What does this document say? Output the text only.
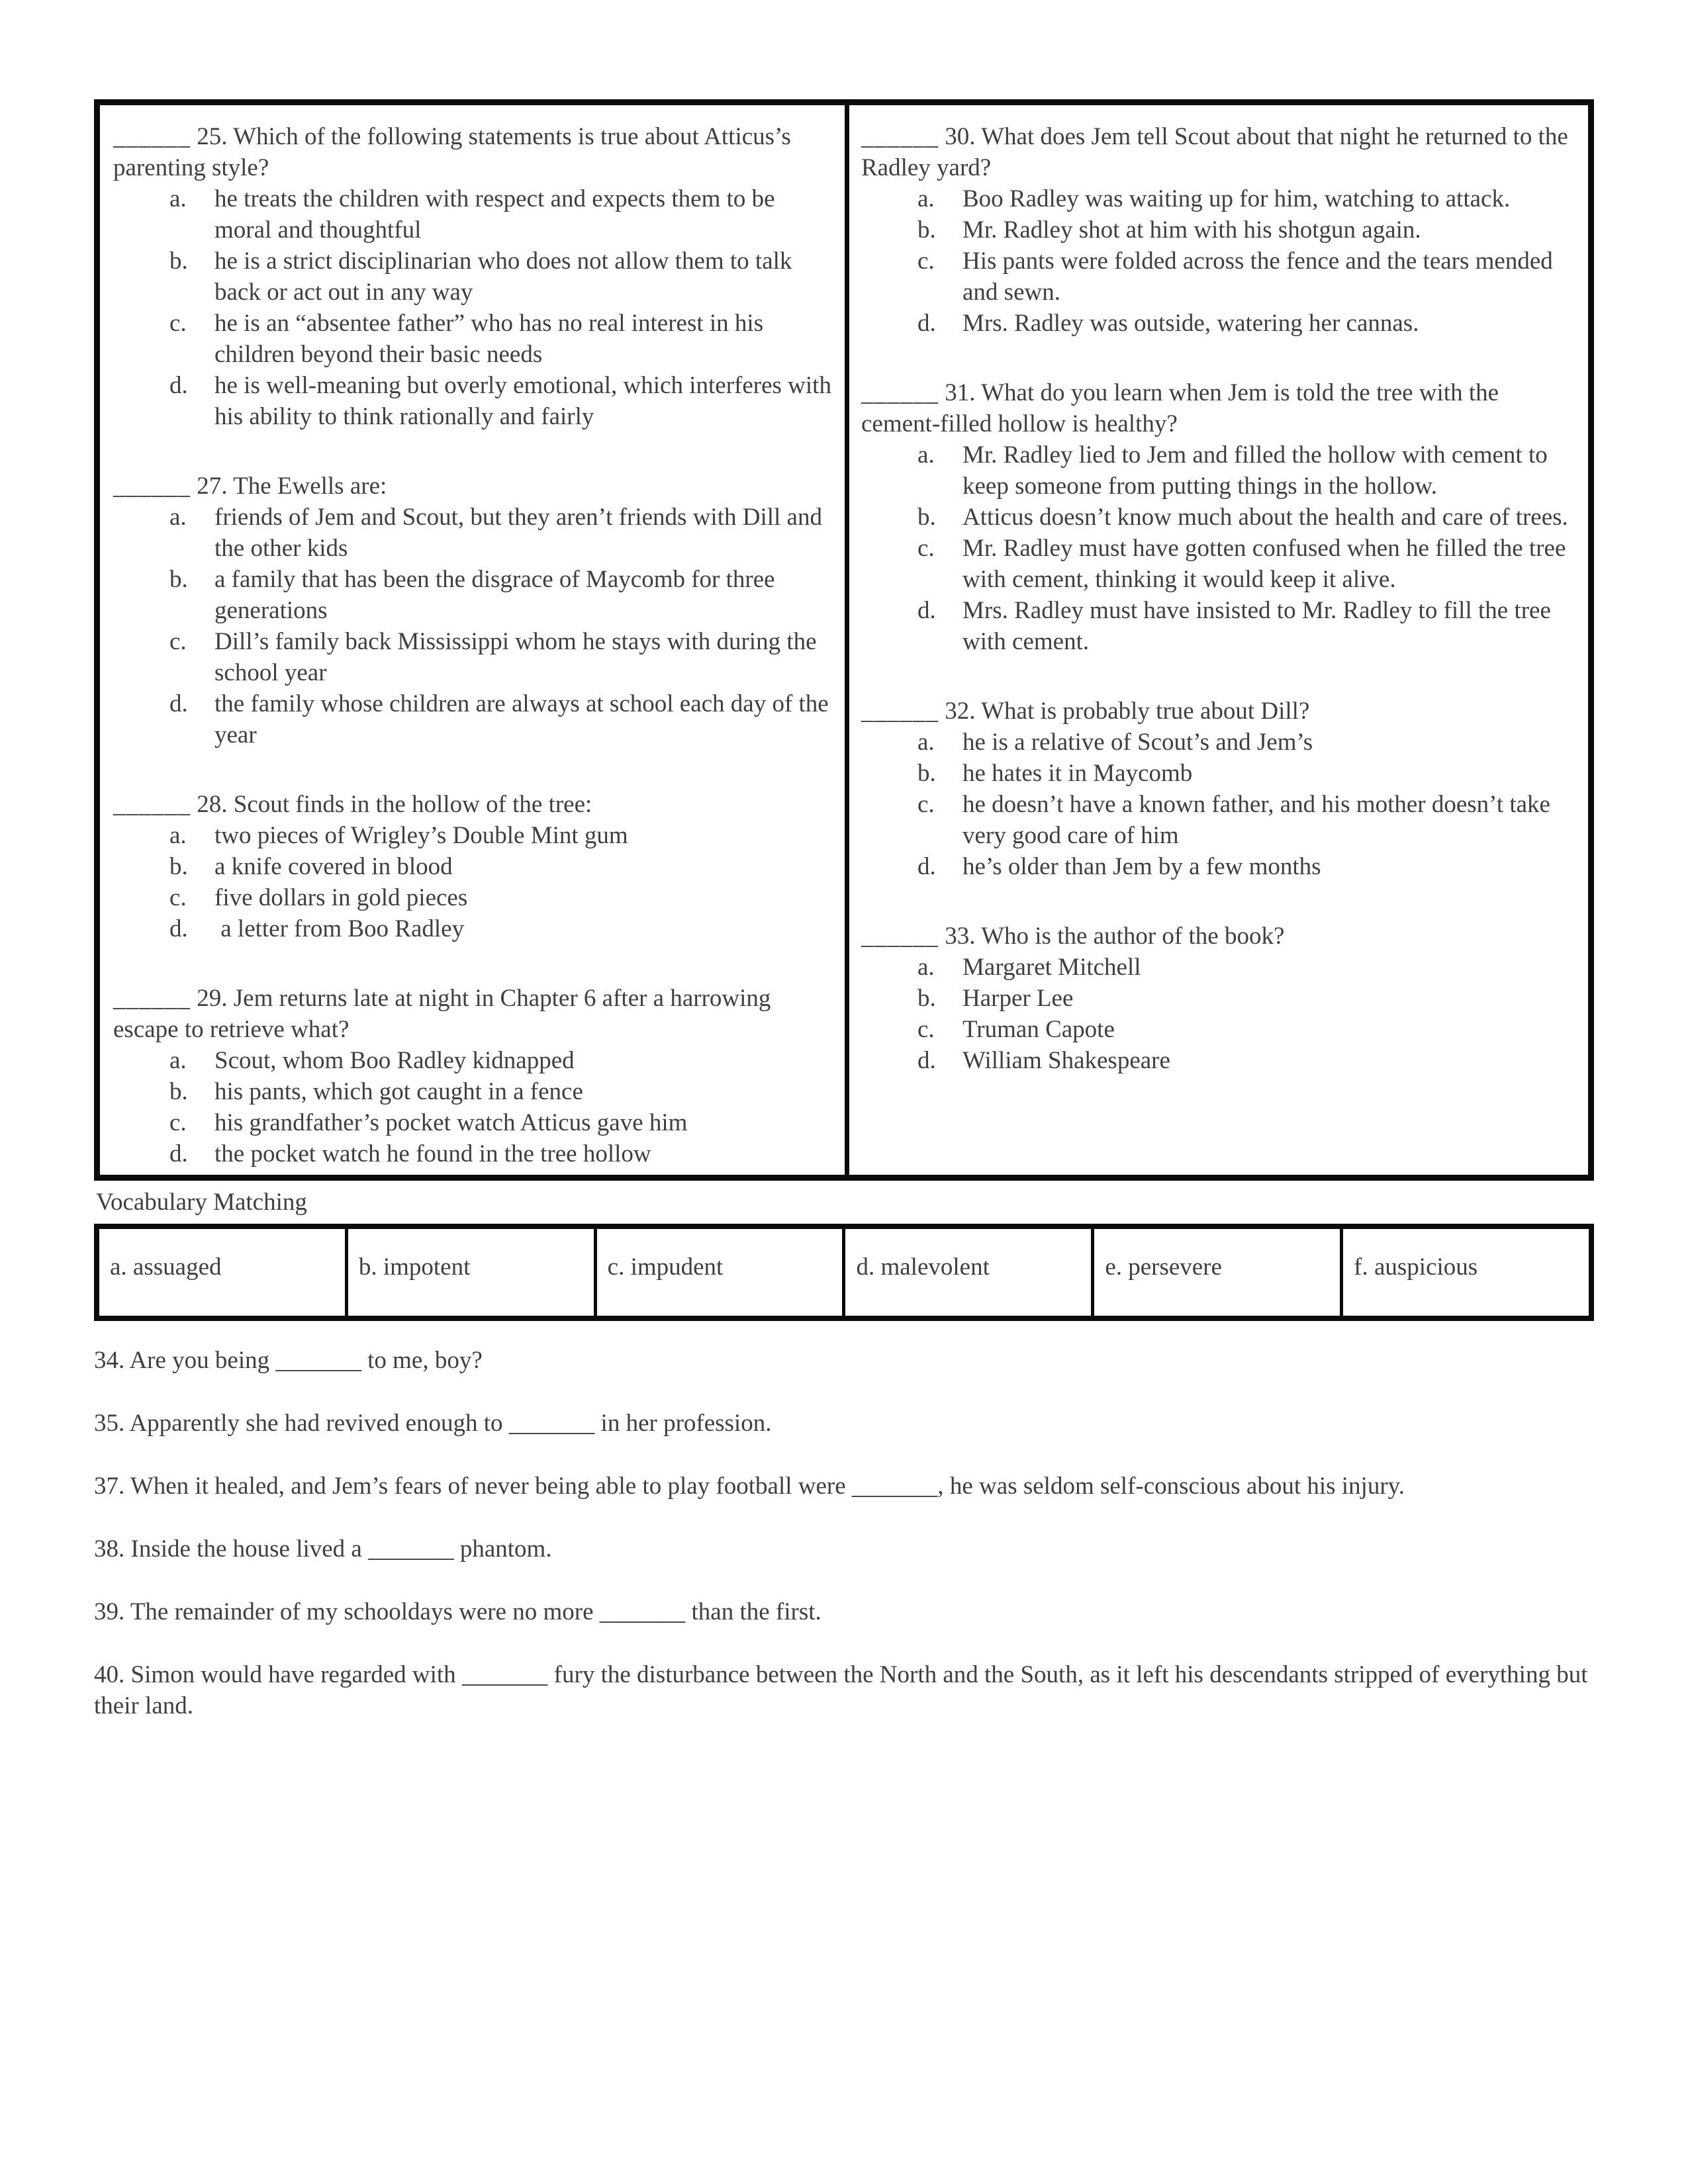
______ 25. Which of the following statements is true about Atticus’s parenting style?

a.	he treats the children with respect and expects them to be moral and thoughtful
b.	he is a strict disciplinarian who does not allow them to talk back or act out in any way
c.	he is an “absentee father” who has no real interest in his children beyond their basic needs
d.	he is well-meaning but overly emotional, which interferes with his ability to think rationally and fairly

______ 27. The Ewells are:

a.	friends of Jem and Scout, but they aren’t friends with Dill and the other kids
b.	a family that has been the disgrace of Maycomb for three generations
c.	Dill’s family back Mississippi whom he stays with during the school year
d.	the family whose children are always at school each day of the year

______ 28. Scout finds in the hollow of the tree:

a.	two pieces of Wrigley’s Double Mint gum
b.	a knife covered in blood
c.	five dollars in gold pieces
d.	a letter from Boo Radley

______ 29. Jem returns late at night in Chapter 6 after a harrowing escape to retrieve what?

a.	Scout, whom Boo Radley kidnapped
b.	his pants, which got caught in a fence
c.	his grandfather’s pocket watch Atticus gave him
d.	the pocket watch he found in the tree hollow

______ 30. What does Jem tell Scout about that night he returned to the Radley yard?

a.	Boo Radley was waiting up for him, watching to attack.
b.	Mr. Radley shot at him with his shotgun again.
c.	His pants were folded across the fence and the tears mended and sewn.
d.	Mrs. Radley was outside, watering her cannas.

______ 31. What do you learn when Jem is told the tree with the cement-filled hollow is healthy?

a.	Mr. Radley lied to Jem and filled the hollow with cement to keep someone from putting things in the hollow.
b.	Atticus doesn’t know much about the health and care of trees.
c.	Mr. Radley must have gotten confused when he filled the tree with cement, thinking it would keep it alive.
d.	Mrs. Radley must have insisted to Mr. Radley to fill the tree with cement.

______ 32. What is probably true about Dill?

a.	he is a relative of Scout’s and Jem’s
b.	he hates it in Maycomb
c.	he doesn’t have a known father, and his mother doesn’t take very good care of him
d.	he’s older than Jem by a few months

______ 33. Who is the author of the book?

a.	Margaret Mitchell
b.	Harper Lee
c.	Truman Capote
d.	William Shakespeare

Vocabulary Matching

a. assuaged	b. impotent	c. impudent	d. malevolent	e. persevere	f. auspicious

34. Are you being _______ to me, boy?

35. Apparently she had revived enough to _______ in her profession.

37. When it healed, and Jem’s fears of never being able to play football were _______, he was seldom self-conscious about his injury.

38. Inside the house lived a _______ phantom.

39. The remainder of my schooldays were no more _______ than the first.

40. Simon would have regarded with _______ fury the disturbance between the North and the South, as it left his descendants stripped of everything but their land.
